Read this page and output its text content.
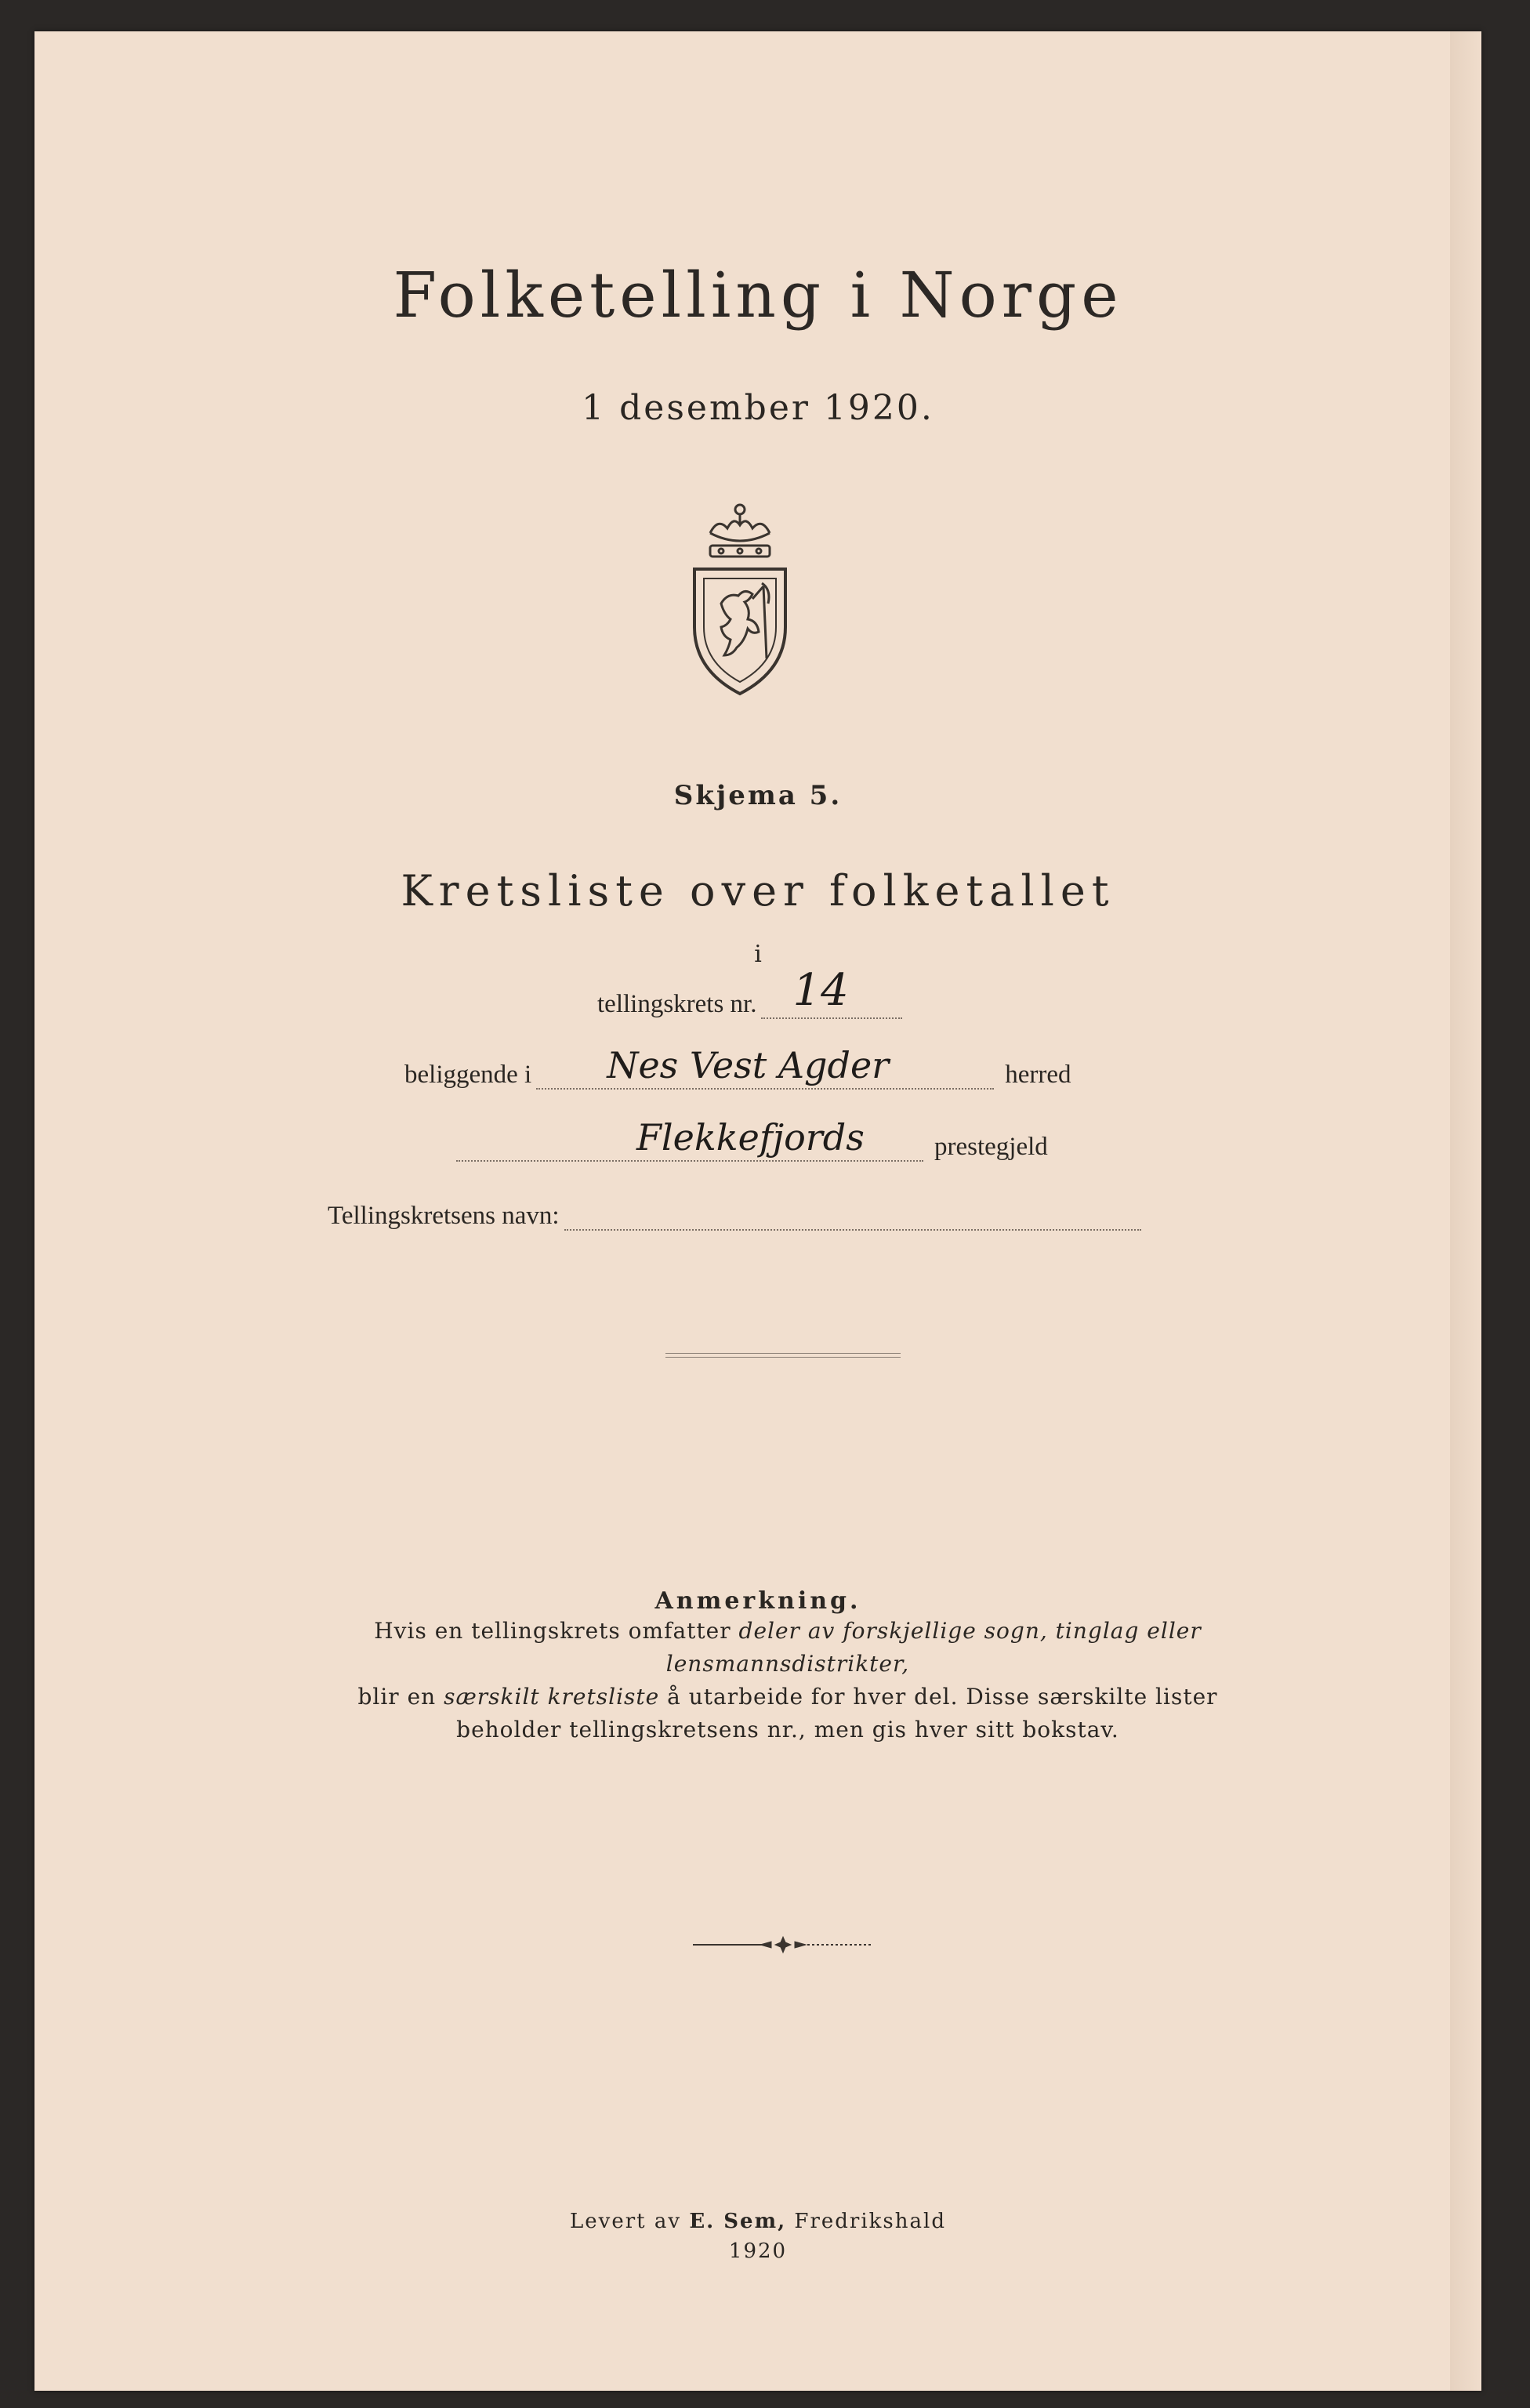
Folketelling i Norge
1 desember 1920.
Skjema 5.
Kretsliste over folketallet
i
tellingskrets nr. 14
beliggende i Nes Vest Agder	herred
Flekkefjords	prestegjeld
Tellingskretsens navn:
Anmerkning.
Hvis en tellingskrets omfatter deler av forskjellige sogn, tinglag eller lensmannsdistrikter,
blir en særskilt kretsliste å utarbeide for hver del. Disse særskilte lister
beholder tellingskretsens nr., men gis hver sitt bokstav.
Levert av E. Sem, Fredrikshald
1920
